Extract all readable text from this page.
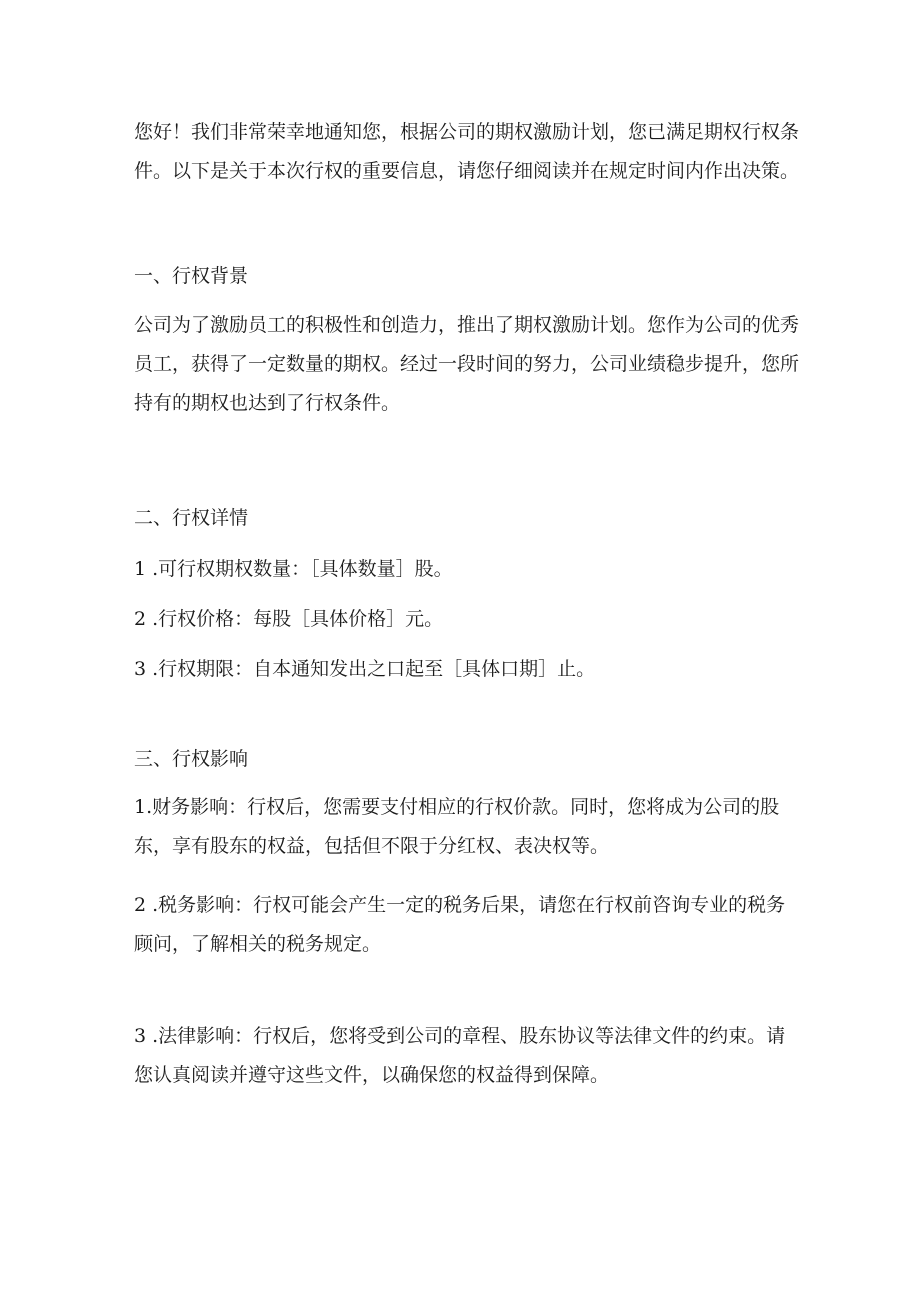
您好！我们非常荣幸地通知您，根据公司的期权激励计划，您已满足期权行权条
件。以下是关于本次行权的重要信息，请您仔细阅读并在规定时间内作出决策。
一、行权背景
公司为了激励员工的积极性和创造力，推出了期权激励计划。您作为公司的优秀
员工，获得了一定数量的期权。经过一段时间的努力，公司业绩稳步提升，您所
持有的期权也达到了行权条件。
二、行权详情
1 .可行权期权数量：［具体数量］股。
2 .行权价格：每股［具体价格］元。
3 .行权期限：自本通知发出之口起至［具体口期］止。
三、行权影响
1.财务影响：行权后，您需要支付相应的行权价款。同时，您将成为公司的股
东，享有股东的权益，包括但不限于分红权、表决权等。
2 .税务影响：行权可能会产生一定的税务后果，请您在行权前咨询专业的税务
顾问，了解相关的税务规定。
3 .法律影响：行权后，您将受到公司的章程、股东协议等法律文件的约束。请
您认真阅读并遵守这些文件，以确保您的权益得到保障。
